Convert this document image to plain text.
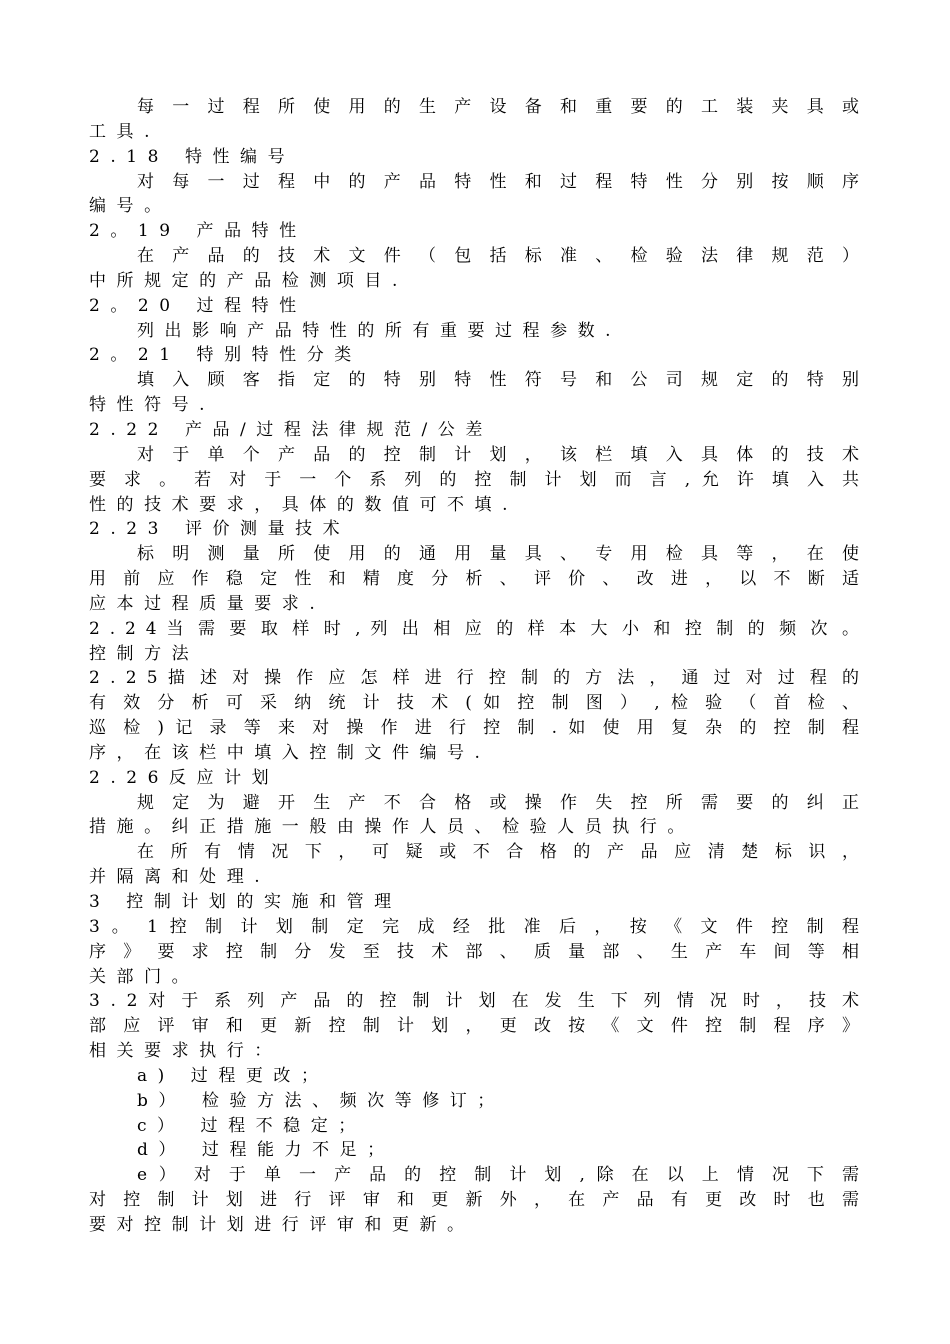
每 一 过 程 所 使 用 的 生 产 设 备 和 重 要 的 工 装 夹 具 或
工具.
2.18 特性编号
对 每 一 过 程 中 的 产 品 特 性 和 过 程 特 性 分 别 按 顺 序
编号。
2。19 产品特性
在 产 品 的 技 术 文 件 （ 包 括 标 准 、 检 验 法 律 规 范 ）
中所规定的产品检测项目.
2。20 过程特性
列出影响产品特性的所有重要过程参数.
2。21 特别特性分类
填 入 顾 客 指 定 的 特 别 特 性 符 号 和 公 司 规 定 的 特 别
特性符号.
2.22 产品/过程法律规范/公差
对 于 单 个 产 品 的 控 制 计 划 ， 该 栏 填 入 具 体 的 技 术
要 求 。 若 对 于 一 个 系 列 的 控 制 计 划 而 言 , 允 许 填 入 共
性的技术要求，具体的数值可不填.
2.23 评价测量技术
标 明 测 量 所 使 用 的 通 用 量 具 、 专 用 检 具 等 ， 在 使
用 前 应 作 稳 定 性 和 精 度 分 析 、 评 价 、 改 进 ， 以 不 断 适
应本过程质量要求.
2 . 2 4 当 需 要 取 样 时 , 列 出 相 应 的 样 本 大 小 和 控 制 的 频 次 。
控制方法
2 . 2 5 描 述 对 操 作 应 怎 样 进 行 控 制 的 方 法 ， 通 过 对 过 程 的
有 效 分 析 可 采 纳 统 计 技 术 ( 如 控 制 图 ） , 检 验 （ 首 检 、
巡 检 ) 记 录 等 来 对 操 作 进 行 控 制 . 如 使 用 复 杂 的 控 制 程
序，在该栏中填入控制文件编号.
2.26反应计划
规 定 为 避 开 生 产 不 合 格 或 操 作 失 控 所 需 要 的 纠 正
措施。纠正措施一般由操作人员、检验人员执行。
在 所 有 情 况 下 ， 可 疑 或 不 合 格 的 产 品 应 清 楚 标 识 ，
并隔离和处理.
3 控制计划的实施和管理
3 。 1 控 制 计 划 制 定 完 成 经 批 准 后 ， 按 《 文 件 控 制 程
序 》 要 求 控 制 分 发 至 技 术 部 、 质 量 部 、 生 产 车 间 等 相
关部门。
3 . 2 对 于 系 列 产 品 的 控 制 计 划 在 发 生 下 列 情 况 时 ， 技 术
部 应 评 审 和 更 新 控 制 计 划 ， 更 改 按 《 文 件 控 制 程 序 》
相关要求执行：
a) 过程更改；
b） 检验方法、频次等修订；
c） 过程不稳定；
d） 过程能力不足；
e ） 对 于 单 一 产 品 的 控 制 计 划 , 除 在 以 上 情 况 下 需
对 控 制 计 划 进 行 评 审 和 更 新 外 ， 在 产 品 有 更 改 时 也 需
要对控制计划进行评审和更新。
